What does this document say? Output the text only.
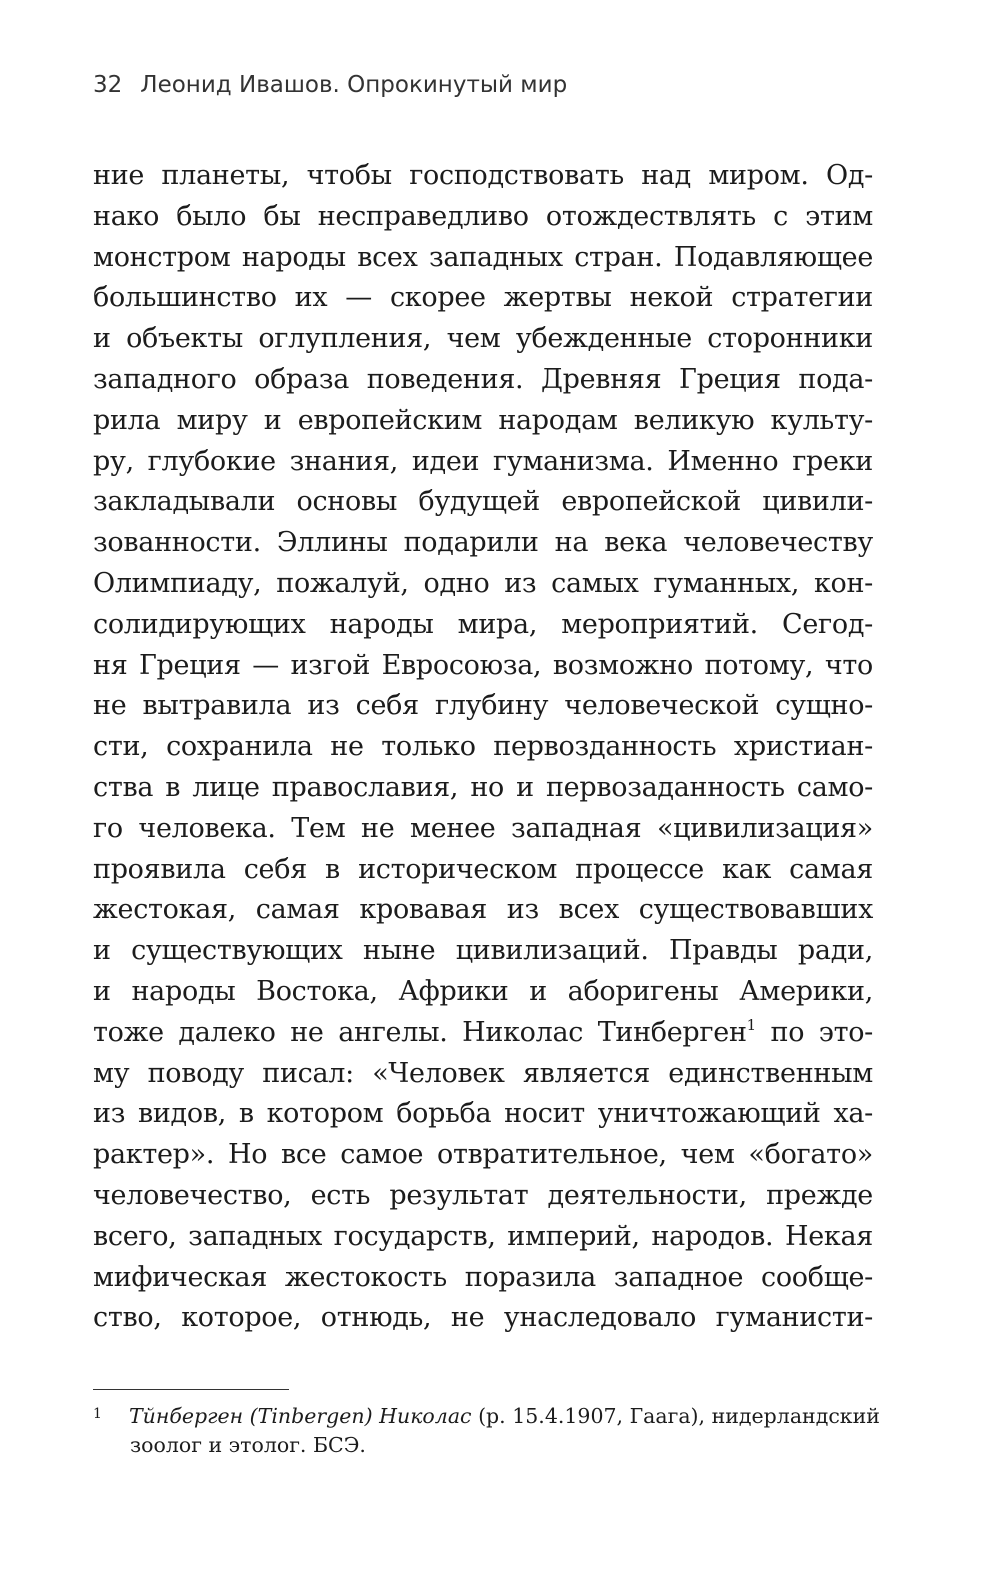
32 Леонид Ивашов. Опрокинутый мир
ние планеты, чтобы господствовать над миром. Од-
нако было бы несправедливо отождествлять с этим
монстром народы всех западных стран. Подавляющее
большинство их — скорее жертвы некой стратегии
и объекты оглупления, чем убежденные сторонники
западного образа поведения. Древняя Греция пода-
рила миру и европейским народам великую культу-
ру, глубокие знания, идеи гуманизма. Именно греки
закладывали основы будущей европейской цивили-
зованности. Эллины подарили на века человечеству
Олимпиаду, пожалуй, одно из самых гуманных, кон-
солидирующих народы мира, мероприятий. Сегод-
ня Греция — изгой Евросоюза, возможно потому, что
не вытравила из себя глубину человеческой сущно-
сти, сохранила не только первозданность христиан-
ства в лице православия, но и первозаданность само-
го человека. Тем не менее западная «цивилизация»
проявила себя в историческом процессе как самая
жестокая, самая кровавая из всех существовавших
и существующих ныне цивилизаций. Правды ради,
и народы Востока, Африки и аборигены Америки,
тоже далеко не ангелы. Николас Тинберген$^1$ по это-
му поводу писал: «Человек является единственным
из видов, в котором борьба носит уничтожающий ха-
рактер». Но все самое отвратительное, чем «богато»
человечество, есть результат деятельности, прежде
всего, западных государств, империй, народов. Некая
мифическая жестокость поразила западное сообще-
ство, которое, отнюдь, не унаследовало гуманисти-
1	Тйнберген (Tinbergen) Николас (р. 15.4.1907, Гаага), нидерландский
зоолог и этолог. БСЭ.
